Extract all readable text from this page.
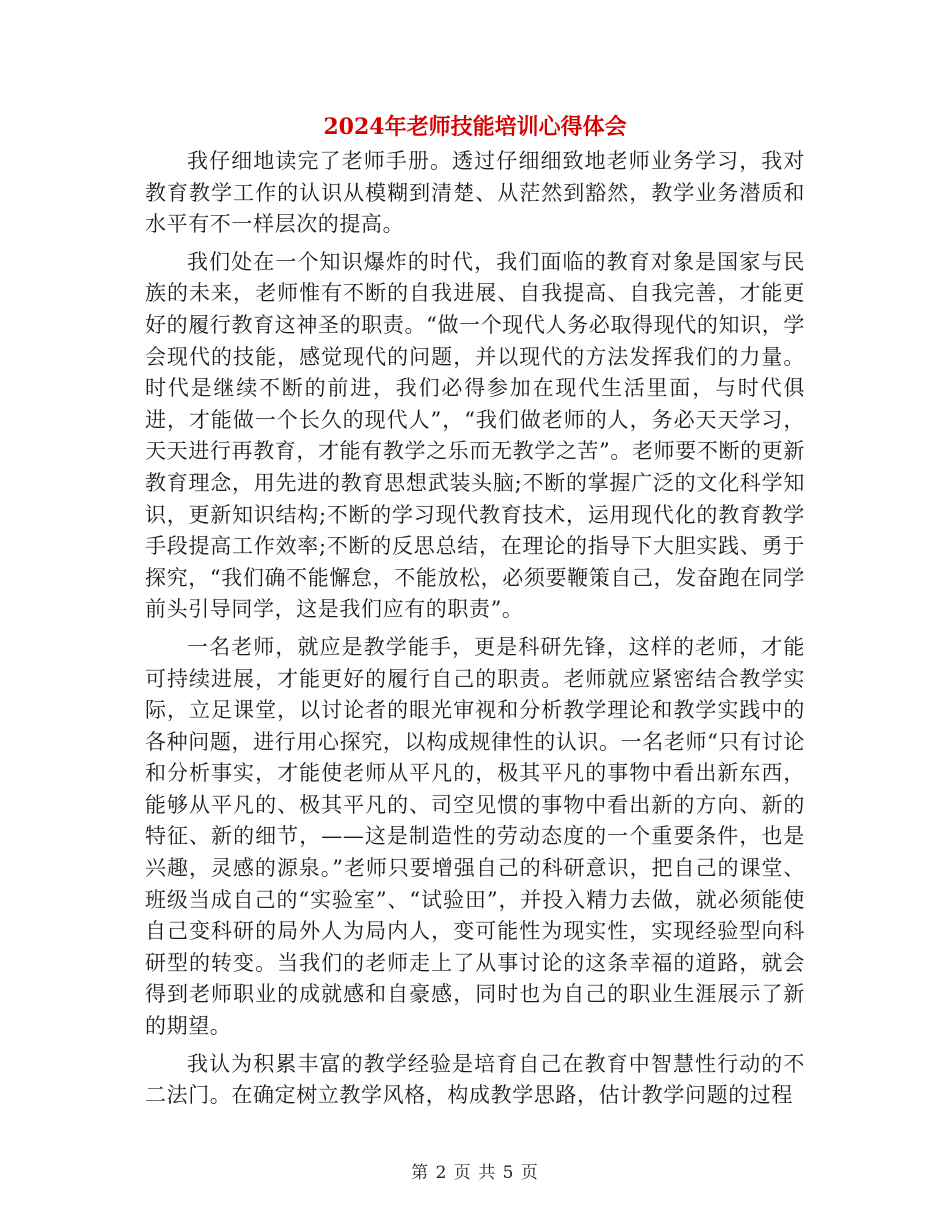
2024年老师技能培训心得体会

我仔细地读完了老师手册。透过仔细细致地老师业务学习，我对教育教学工作的认识从模糊到清楚、从茫然到豁然，教学业务潜质和水平有不一样层次的提高。

我们处在一个知识爆炸的时代，我们面临的教育对象是国家与民族的未来，老师惟有不断的自我进展、自我提高、自我完善，才能更好的履行教育这神圣的职责。“做一个现代人务必取得现代的知识，学会现代的技能，感觉现代的问题，并以现代的方法发挥我们的力量。时代是继续不断的前进，我们必得参加在现代生活里面，与时代俱进，才能做一个长久的现代人”，“我们做老师的人，务必天天学习，天天进行再教育，才能有教学之乐而无教学之苦”。老师要不断的更新教育理念，用先进的教育思想武装头脑;不断的掌握广泛的文化科学知识，更新知识结构;不断的学习现代教育技术，运用现代化的教育教学手段提高工作效率;不断的反思总结，在理论的指导下大胆实践、勇于探究，“我们确不能懈怠，不能放松，必须要鞭策自己，发奋跑在同学前头引导同学，这是我们应有的职责”。

一名老师，就应是教学能手，更是科研先锋，这样的老师，才能可持续进展，才能更好的履行自己的职责。老师就应紧密结合教学实际，立足课堂，以讨论者的眼光审视和分析教学理论和教学实践中的各种问题，进行用心探究，以构成规律性的认识。一名老师“只有讨论和分析事实，才能使老师从平凡的，极其平凡的事物中看出新东西，能够从平凡的、极其平凡的、司空见惯的事物中看出新的方向、新的特征、新的细节，——这是制造性的劳动态度的一个重要条件，也是兴趣，灵感的源泉。”老师只要增强自己的科研意识，把自己的课堂、班级当成自己的“实验室”、“试验田”，并投入精力去做，就必须能使自己变科研的局外人为局内人，变可能性为现实性，实现经验型向科研型的转变。当我们的老师走上了从事讨论的这条幸福的道路，就会得到老师职业的成就感和自豪感，同时也为自己的职业生涯展示了新的期望。

我认为积累丰富的教学经验是培育自己在教育中智慧性行动的不二法门。在确定树立教学风格，构成教学思路，估计教学问题的过程

第 2 页 共 5 页
